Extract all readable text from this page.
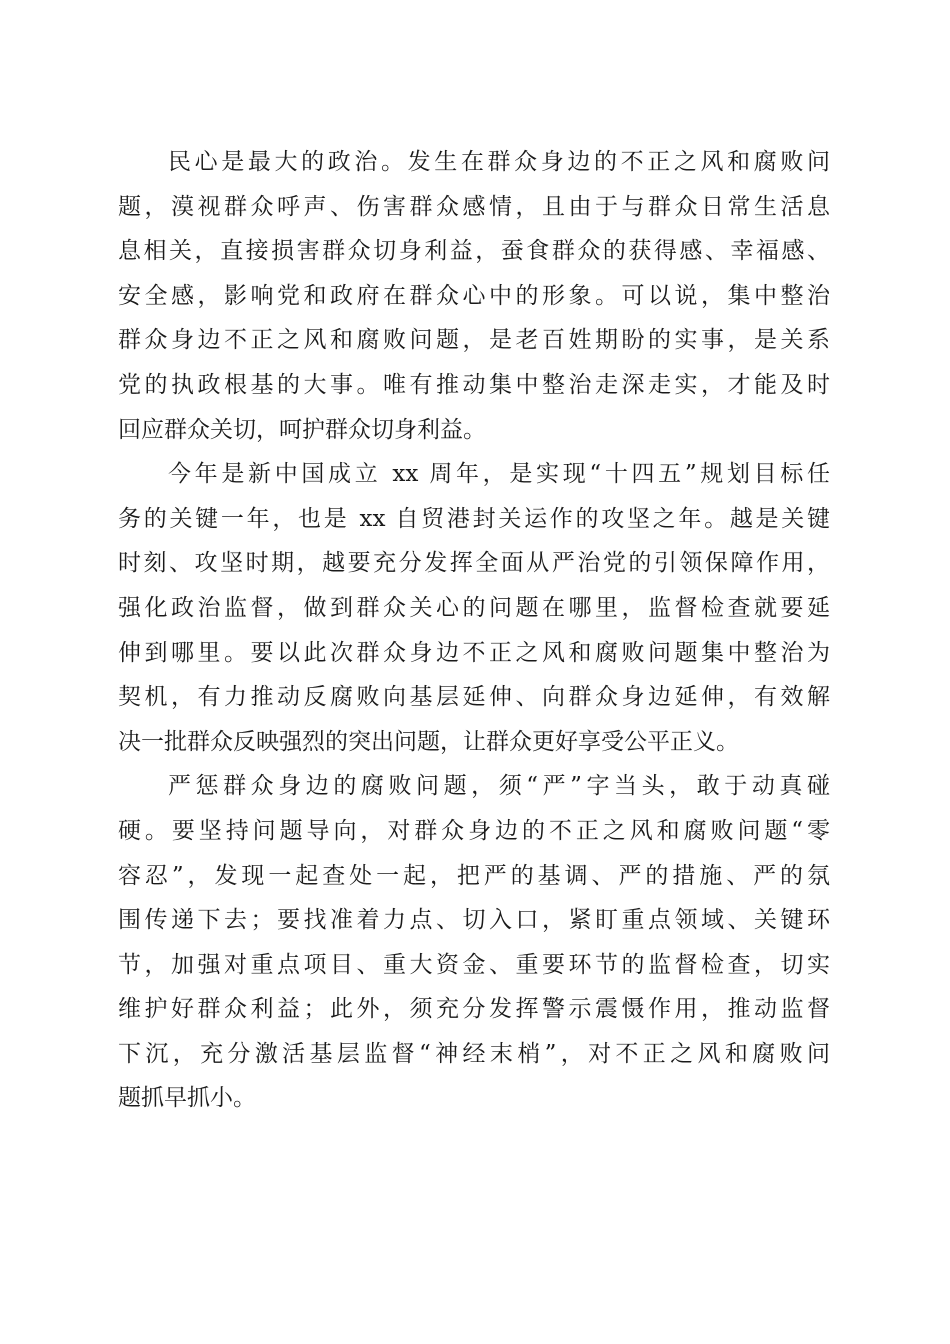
民心是最大的政治。发生在群众身边的不正之风和腐败问
题，漠视群众呼声、伤害群众感情，且由于与群众日常生活息
息相关，直接损害群众切身利益，蚕食群众的获得感、幸福感、
安全感，影响党和政府在群众心中的形象。可以说，集中整治
群众身边不正之风和腐败问题，是老百姓期盼的实事，是关系
党的执政根基的大事。唯有推动集中整治走深走实，才能及时
回应群众关切，呵护群众切身利益。
今年是新中国成立 xx 周年，是实现“十四五”规划目标任
务的关键一年，也是 xx 自贸港封关运作的攻坚之年。越是关键
时刻、攻坚时期，越要充分发挥全面从严治党的引领保障作用，
强化政治监督，做到群众关心的问题在哪里，监督检查就要延
伸到哪里。要以此次群众身边不正之风和腐败问题集中整治为
契机，有力推动反腐败向基层延伸、向群众身边延伸，有效解
决一批群众反映强烈的突出问题，让群众更好享受公平正义。
严惩群众身边的腐败问题，须“严”字当头，敢于动真碰
硬。要坚持问题导向，对群众身边的不正之风和腐败问题“零
容忍”，发现一起查处一起，把严的基调、严的措施、严的氛
围传递下去；要找准着力点、切入口，紧盯重点领域、关键环
节，加强对重点项目、重大资金、重要环节的监督检查，切实
维护好群众利益；此外，须充分发挥警示震慑作用，推动监督
下沉，充分激活基层监督“神经末梢”，对不正之风和腐败问
题抓早抓小。
